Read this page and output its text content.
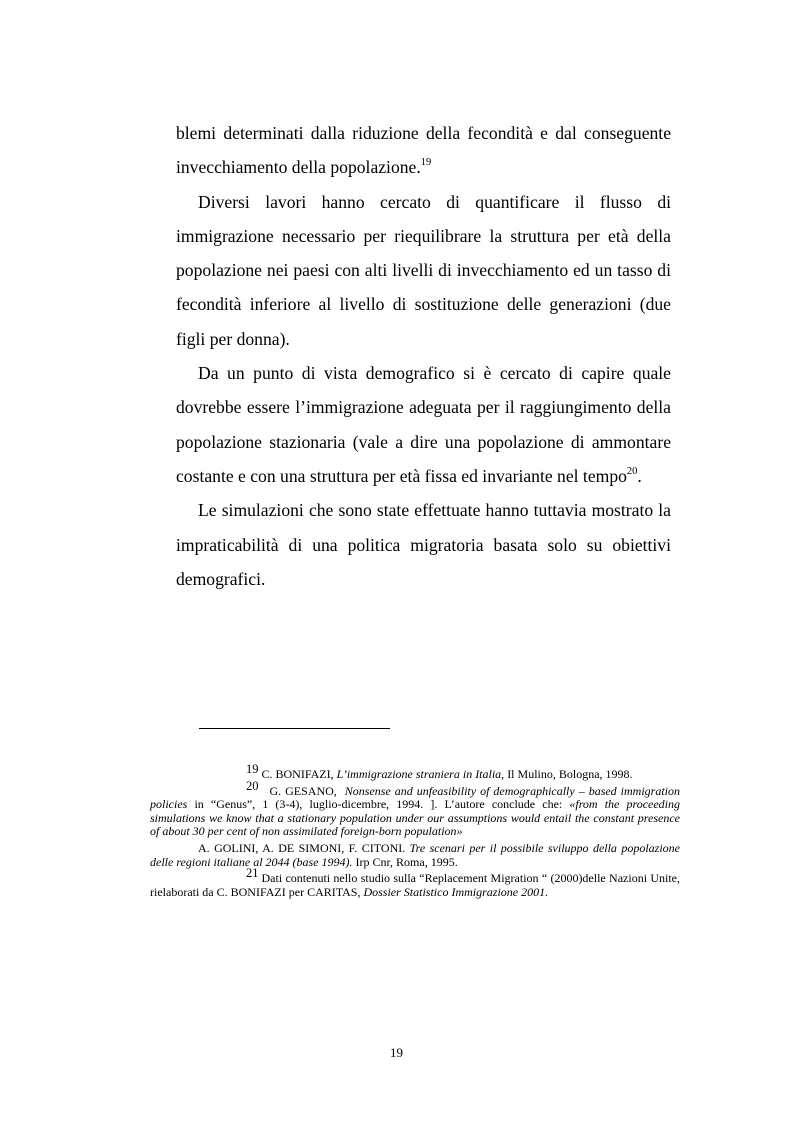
blemi determinati dalla riduzione della fecondità e dal conseguente invecchiamento della popolazione.$^{19}$

Diversi lavori hanno cercato di quantificare il flusso di immigrazione necessario per riequilibrare la struttura per età della popolazione nei paesi con alti livelli di invecchiamento ed un tasso di fecondità inferiore al livello di sostituzione delle generazioni (due figli per donna).

Da un punto di vista demografico si è cercato di capire quale dovrebbe essere l’immigrazione adeguata per il raggiungimento della popolazione stazionaria (vale a dire una popolazione di ammontare costante e con una struttura per età fissa ed invariante nel tempo$^{20}$.

Le simulazioni che sono state effettuate hanno tuttavia mostrato la impraticabilità di una politica migratoria basata solo su obiettivi demografici.

19 C. BONIFAZI, L’immigrazione straniera in Italia, Il Mulino, Bologna, 1998.

20 G. GESANO,  Nonsense and unfeasibility of demographically – based immigration policies in “Genus”, 1 (3-4), luglio-dicembre, 1994. ]. L’autore conclude che: «from the proceeding simulations we know that a stationary population under our assumptions would entail the constant presence of about 30 per cent of non assimilated foreign-born population»

A. GOLINI, A. DE SIMONI, F. CITONI. Tre scenari per il possibile sviluppo della popolazione delle regioni italiane al 2044 (base 1994). Irp Cnr, Roma, 1995.

21 Dati contenuti nello studio sulla “Replacement Migration “ (2000)delle Nazioni Unite, rielaborati da C. BONIFAZI per CARITAS, Dossier Statistico Immigrazione 2001.

19
